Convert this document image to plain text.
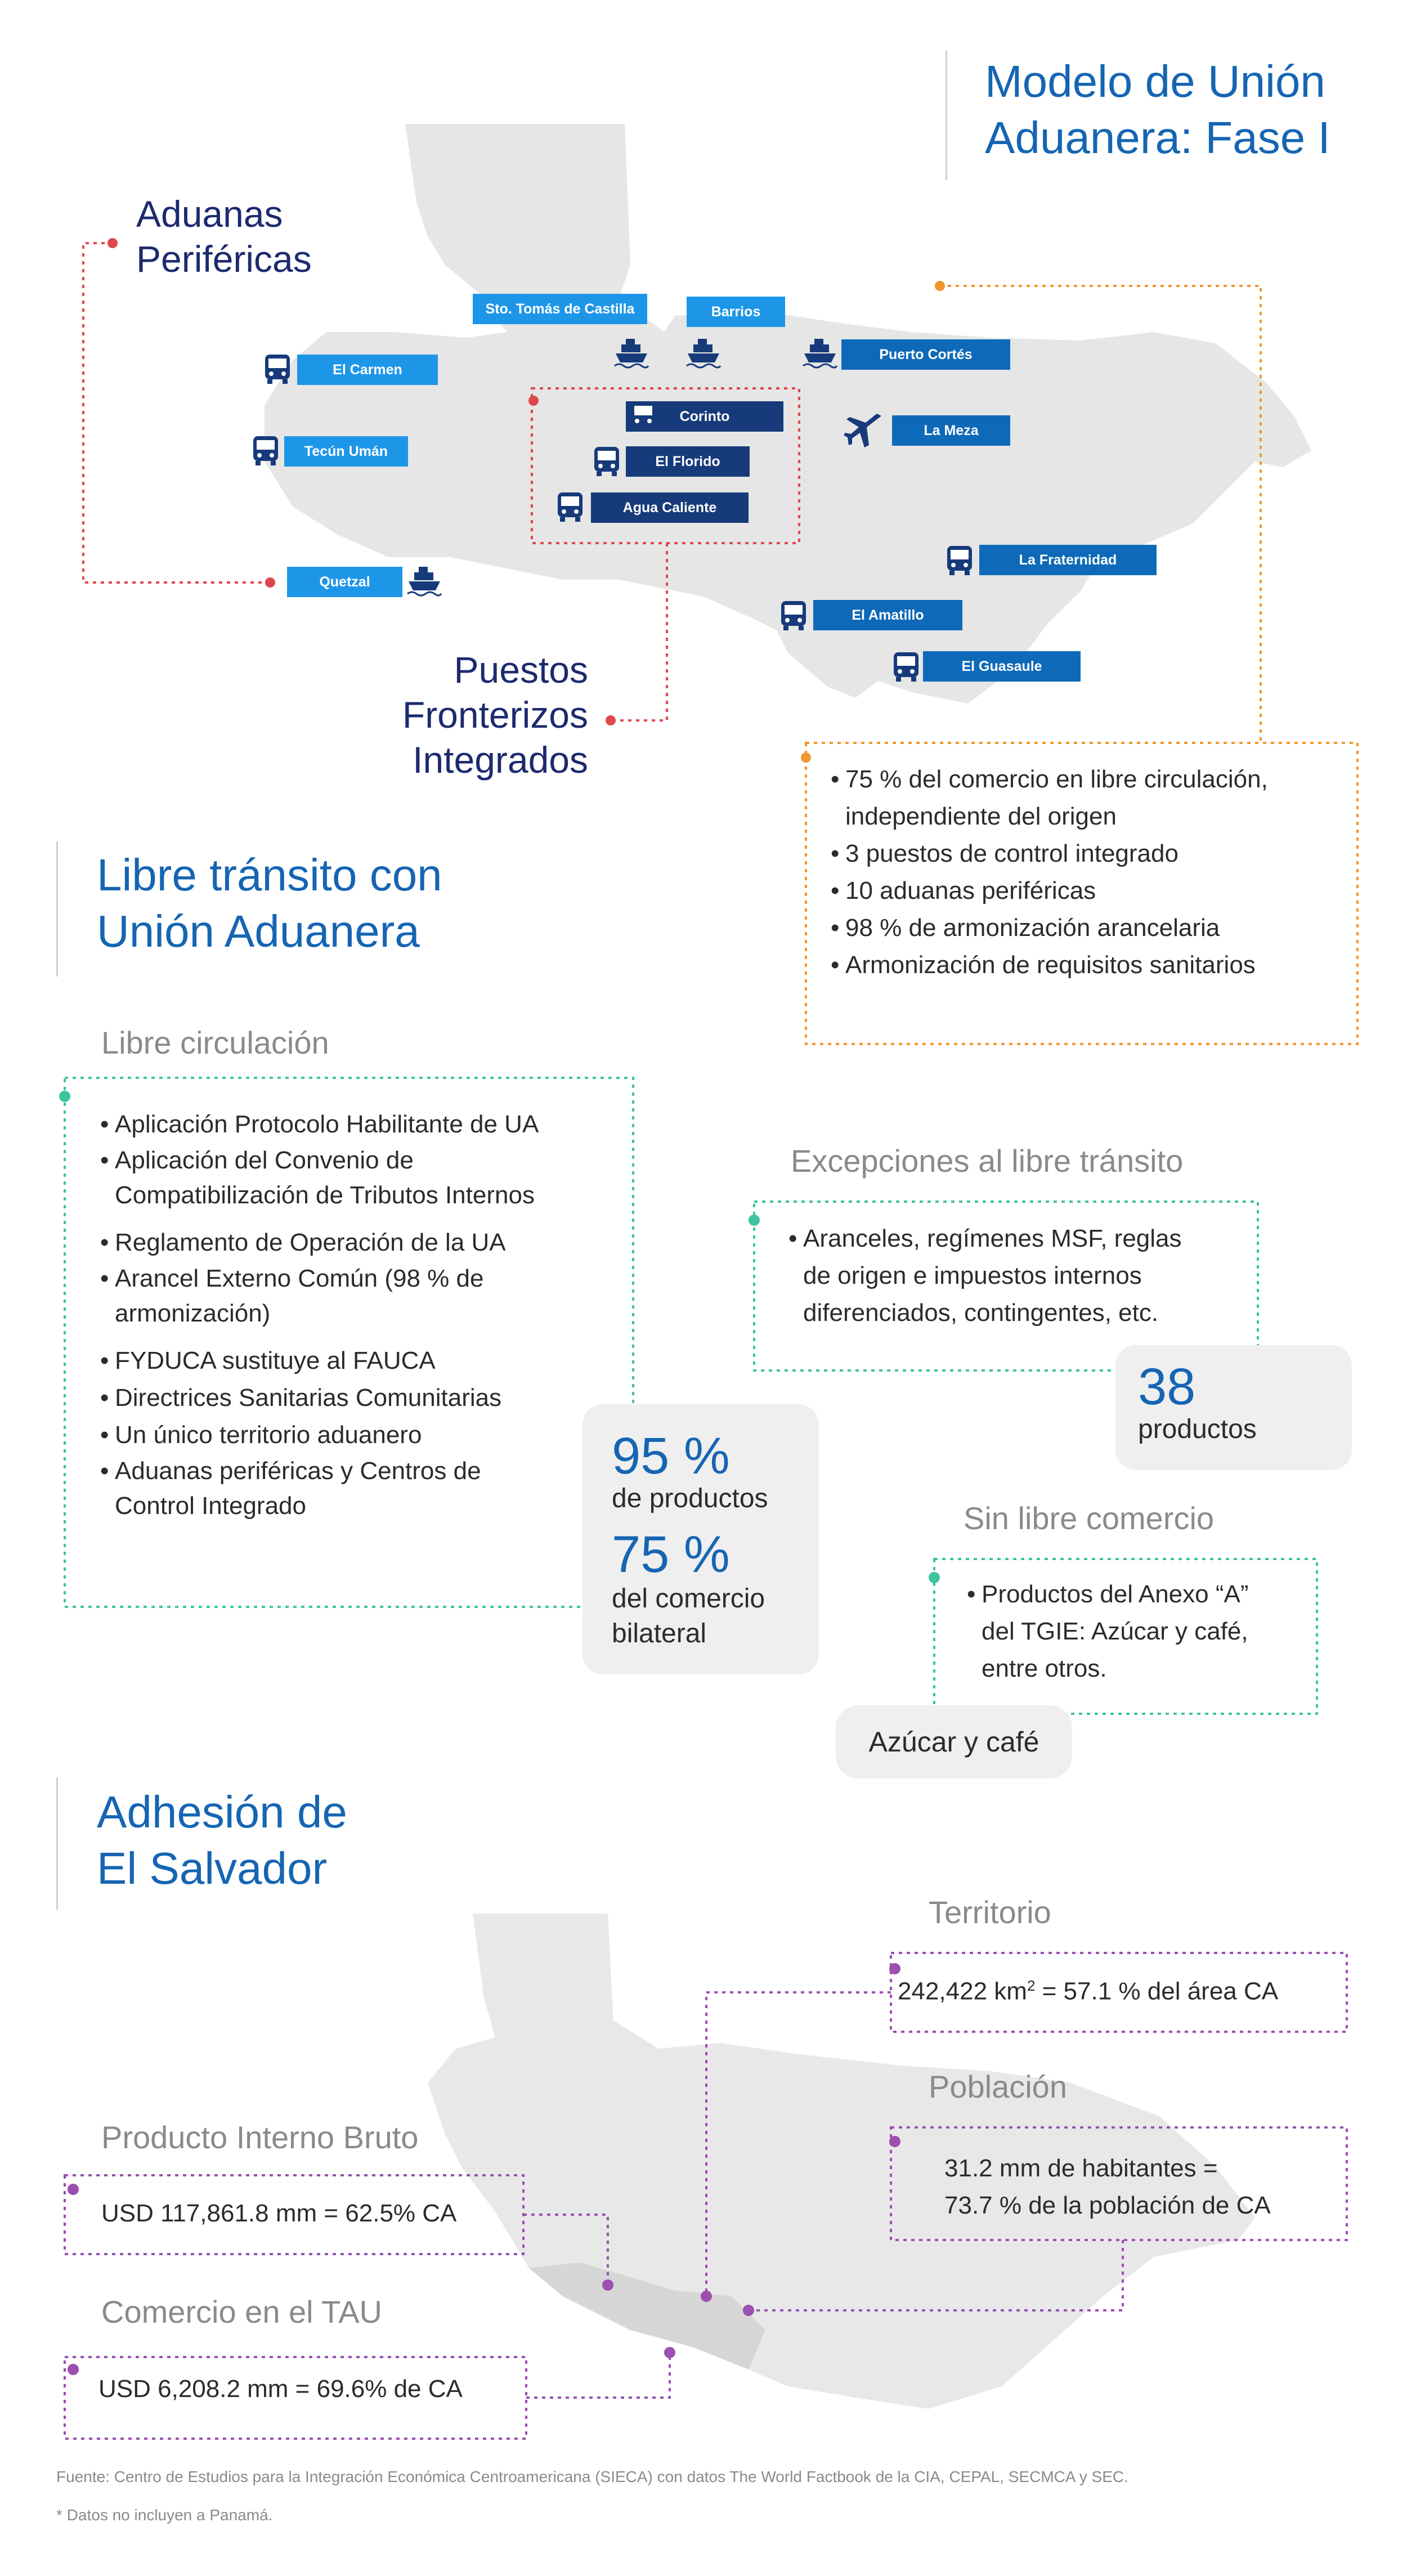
Modelo de Unión
Aduanera: Fase I
Aduanas
Periféricas
Puestos
Fronterizos
Integrados
Sto. Tomás de Castilla	Barrios
Puerto Cortés
El Carmen
Corinto
El Florido
Agua Caliente
La Meza
Tecún Umán
Quetzal
La Fraternidad
El Amatillo
El Guasaule
• 75 % del comercio en libre circulación,
independiente del origen
• 3 puestos de control integrado
• 10 aduanas periféricas
• 98 % de armonización arancelaria
• Armonización de requisitos sanitarios
Libre tránsito con
Unión Aduanera
Libre circulación
• Aplicación Protocolo Habilitante de UA
• Aplicación del Convenio de
Compatibilización de Tributos Internos
• Reglamento de Operación de la UA
• Arancel Externo Común (98 % de
armonización)
• FYDUCA sustituye al FAUCA
• Directrices Sanitarias Comunitarias
• Un único territorio aduanero
• Aduanas periféricas y Centros de
Control Integrado
95 %
de productos
75 %
del comercio
bilateral
Excepciones al libre tránsito
• Aranceles, regímenes MSF, reglas
de origen e impuestos internos
diferenciados, contingentes, etc.
38
productos
Sin libre comercio
• Productos del Anexo “A”
del TGIE: Azúcar y café,
entre otros.
Azúcar y café
Adhesión de
El Salvador
Territorio
242,422 $km^2 = 57.1$ % del área CA
Población
31.2 mm de habitantes =
73.7 % de la población de CA
Producto Interno Bruto
USD 117,861.8 mm = 62.5% CA
Comercio en el TAU
USD 6,208.2 mm = 69.6% de CA
Fuente: Centro de Estudios para la Integración Económica Centroamericana (SIECA) con datos The World Factbook de la CIA, CEPAL, SECMCA y SEC.
* Datos no incluyen a Panamá.
